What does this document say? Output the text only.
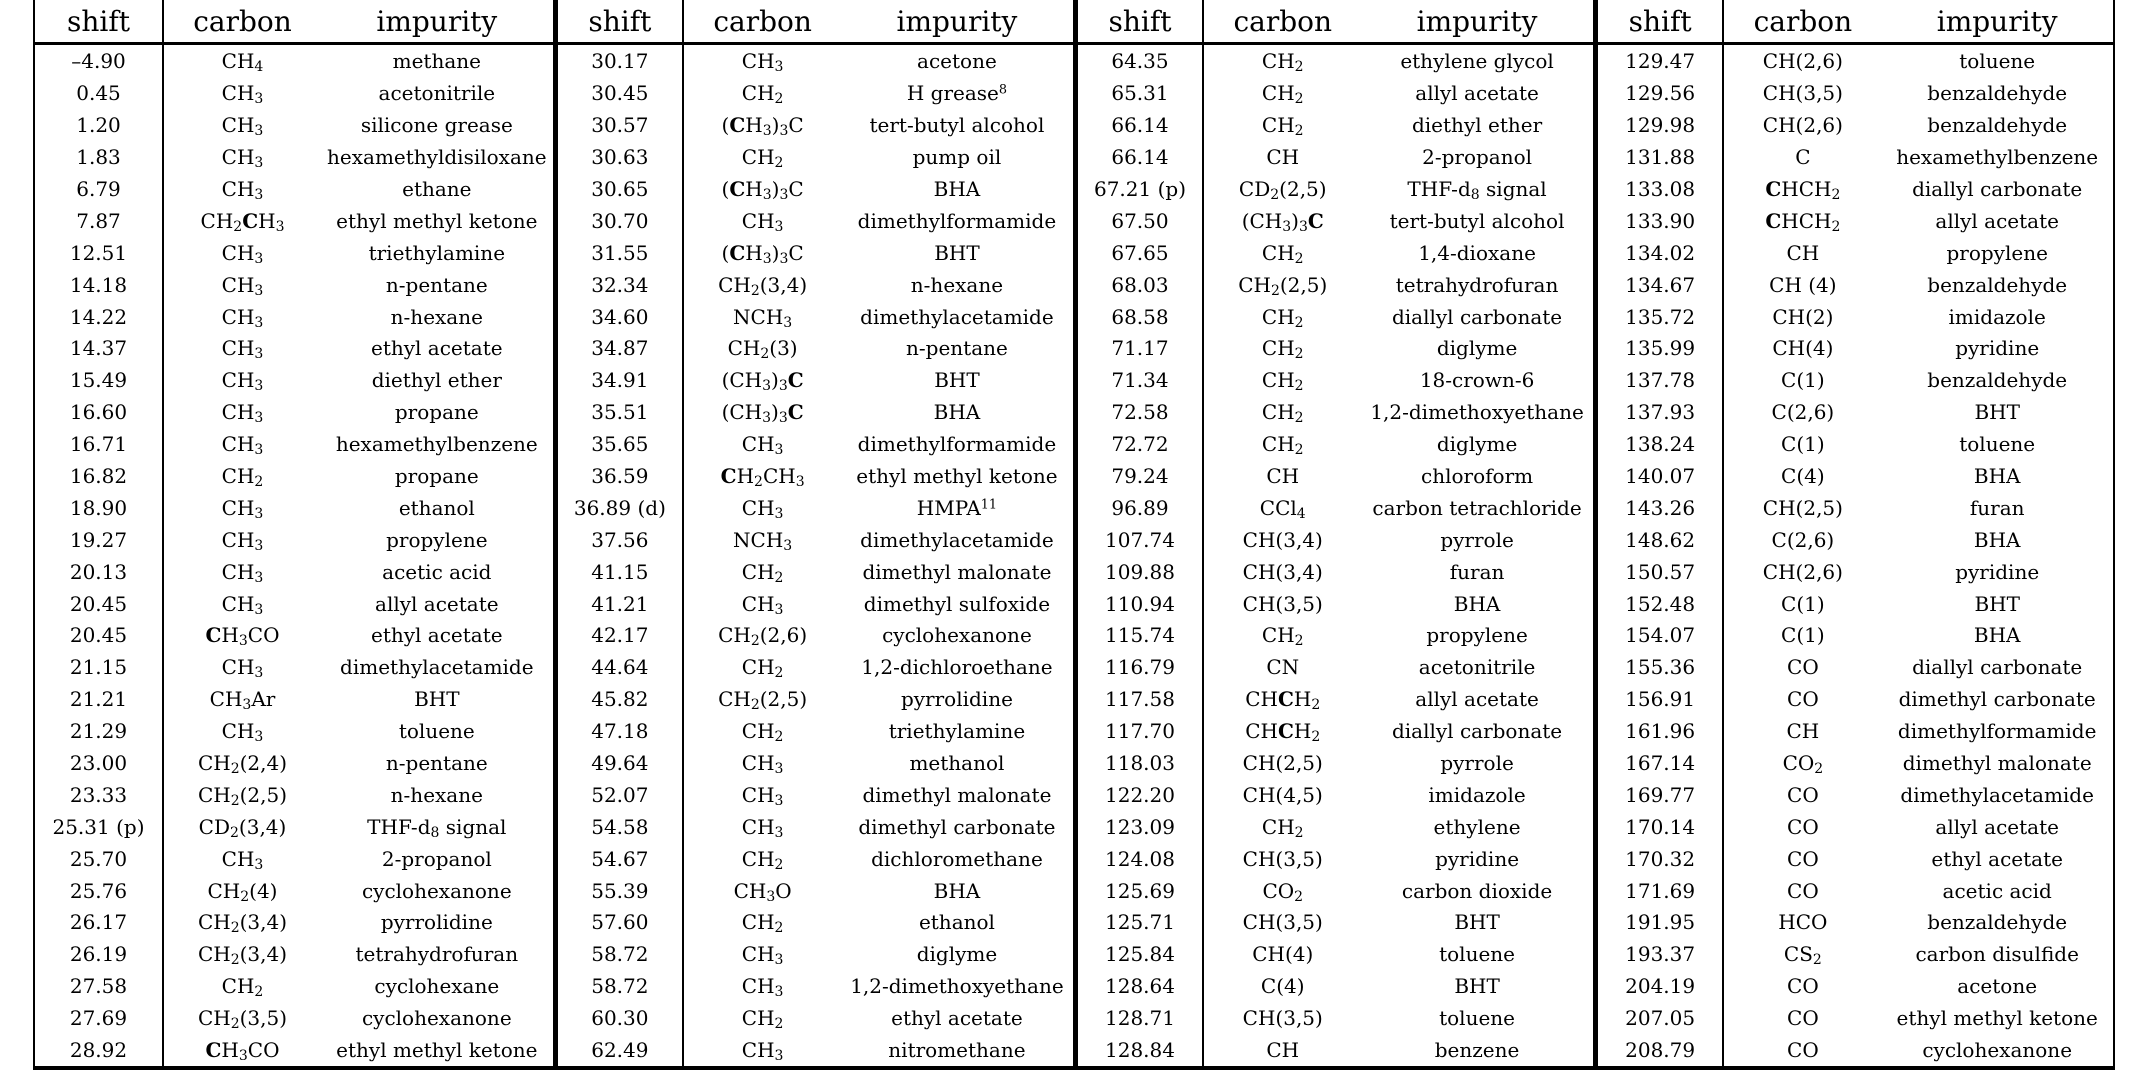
shift	carbon	impurity
–4.90	$CH_4$	methane
0.45	$CH_3$	acetonitrile
1.20	$CH_3$	silicone grease
1.83	$CH_3$	hexamethyldisiloxane
6.79	$CH_3$	ethane
7.87	$CH_2CH_3$	ethyl methyl ketone
12.51	$CH_3$	triethylamine
14.18	$CH_3$	n-pentane
14.22	$CH_3$	n-hexane
14.37	$CH_3$	ethyl acetate
15.49	$CH_3$	diethyl ether
16.60	$CH_3$	propane
16.71	$CH_3$	hexamethylbenzene
16.82	$CH_2$	propane
18.90	$CH_3$	ethanol
19.27	$CH_3$	propylene
20.13	$CH_3$	acetic acid
20.45	$CH_3$	allyl acetate
20.45	$CH_3CO$	ethyl acetate
21.15	$CH_3$	dimethylacetamide
21.21	$CH_3Ar$	BHT
21.29	$CH_3$	toluene
23.00	$CH_2(2,4)$	n-pentane
23.33	$CH_2(2,5)$	n-hexane
25.31 (p)	$CD_2(3,4)$	THF-$d_8$ signal
25.70	$CH_3$	2-propanol
25.76	$CH_2(4)$	cyclohexanone
26.17	$CH_2(3,4)$	pyrrolidine
26.19	$CH_2(3,4)$	tetrahydrofuran
27.58	$CH_2$	cyclohexane
27.69	$CH_2(3,5)$	cyclohexanone
28.92	$CH_3CO$	ethyl methyl ketone
shift	carbon	impurity
30.17	$CH_3$	acetone
30.45	$CH_2$	H grease$^8$
30.57	$(CH_3)_3C$	tert-butyl alcohol
30.63	$CH_2$	pump oil
30.65	$(CH_3)_3C$	BHA
30.70	$CH_3$	dimethylformamide
31.55	$(CH_3)_3C$	BHT
32.34	$CH_2(3,4)$	n-hexane
34.60	$NCH_3$	dimethylacetamide
34.87	$CH_2(3)$	n-pentane
34.91	$(CH_3)_3C$	BHT
35.51	$(CH_3)_3C$	BHA
35.65	$CH_3$	dimethylformamide
36.59	$CH_2CH_3$	ethyl methyl ketone
36.89 (d)	$CH_3$	HMPA$^{11}$
37.56	$NCH_3$	dimethylacetamide
41.15	$CH_2$	dimethyl malonate
41.21	$CH_3$	dimethyl sulfoxide
42.17	$CH_2(2,6)$	cyclohexanone
44.64	$CH_2$	1,2-dichloroethane
45.82	$CH_2(2,5)$	pyrrolidine
47.18	$CH_2$	triethylamine
49.64	$CH_3$	methanol
52.07	$CH_3$	dimethyl malonate
54.58	$CH_3$	dimethyl carbonate
54.67	$CH_2$	dichloromethane
55.39	$CH_3O$	BHA
57.60	$CH_2$	ethanol
58.72	$CH_3$	diglyme
58.72	$CH_3$	1,2-dimethoxyethane
60.30	$CH_2$	ethyl acetate
62.49	$CH_3$	nitromethane
shift	carbon	impurity
64.35	$CH_2$	ethylene glycol
65.31	$CH_2$	allyl acetate
66.14	$CH_2$	diethyl ether
66.14	CH	2-propanol
67.21 (p)	$CD_2(2,5)$	THF-$d_8$ signal
67.50	$(CH_3)_3C$	tert-butyl alcohol
67.65	$CH_2$	1,4-dioxane
68.03	$CH_2(2,5)$	tetrahydrofuran
68.58	$CH_2$	diallyl carbonate
71.17	$CH_2$	diglyme
71.34	$CH_2$	18-crown-6
72.58	$CH_2$	1,2-dimethoxyethane
72.72	$CH_2$	diglyme
79.24	CH	chloroform
96.89	CCl$_4$	carbon tetrachloride
107.74	CH(3,4)	pyrrole
109.88	CH(3,4)	furan
110.94	CH(3,5)	BHA
115.74	$CH_2$	propylene
116.79	CN	acetonitrile
117.58	$CHCH_2$	allyl acetate
117.70	$CHCH_2$	diallyl carbonate
118.03	CH(2,5)	pyrrole
122.20	CH(4,5)	imidazole
123.09	$CH_2$	ethylene
124.08	CH(3,5)	pyridine
125.69	$CO_2$	carbon dioxide
125.71	CH(3,5)	BHT
125.84	CH(4)	toluene
128.64	C(4)	BHT
128.71	CH(3,5)	toluene
128.84	CH	benzene
shift	carbon	impurity
129.47	CH(2,6)	toluene
129.56	CH(3,5)	benzaldehyde
129.98	CH(2,6)	benzaldehyde
131.88	C	hexamethylbenzene
133.08	$CHCH_2$	diallyl carbonate
133.90	$CHCH_2$	allyl acetate
134.02	CH	propylene
134.67	CH (4)	benzaldehyde
135.72	CH(2)	imidazole
135.99	CH(4)	pyridine
137.78	C(1)	benzaldehyde
137.93	C(2,6)	BHT
138.24	C(1)	toluene
140.07	C(4)	BHA
143.26	CH(2,5)	furan
148.62	C(2,6)	BHA
150.57	CH(2,6)	pyridine
152.48	C(1)	BHT
154.07	C(1)	BHA
155.36	CO	diallyl carbonate
156.91	CO	dimethyl carbonate
161.96	CH	dimethylformamide
167.14	$CO_2$	dimethyl malonate
169.77	CO	dimethylacetamide
170.14	CO	allyl acetate
170.32	CO	ethyl acetate
171.69	CO	acetic acid
191.95	HCO	benzaldehyde
193.37	$CS_2$	carbon disulfide
204.19	CO	acetone
207.05	CO	ethyl methyl ketone
208.79	CO	cyclohexanone
